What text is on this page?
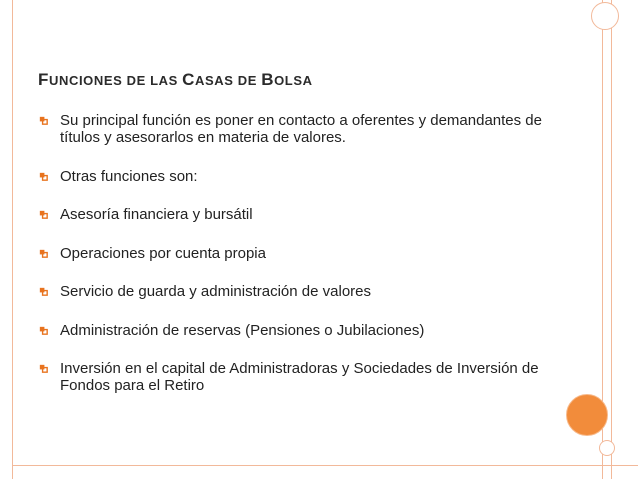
FUNCIONES DE LAS CASAS DE BOLSA
Su principal función es poner en contacto a oferentes y demandantes de títulos y asesorarlos en materia de valores.
Otras funciones son:
Asesoría financiera y bursátil
Operaciones por cuenta propia
Servicio de guarda y administración de valores
Administración de reservas (Pensiones o Jubilaciones)
Inversión en el capital de Administradoras y Sociedades de Inversión de Fondos para el Retiro
